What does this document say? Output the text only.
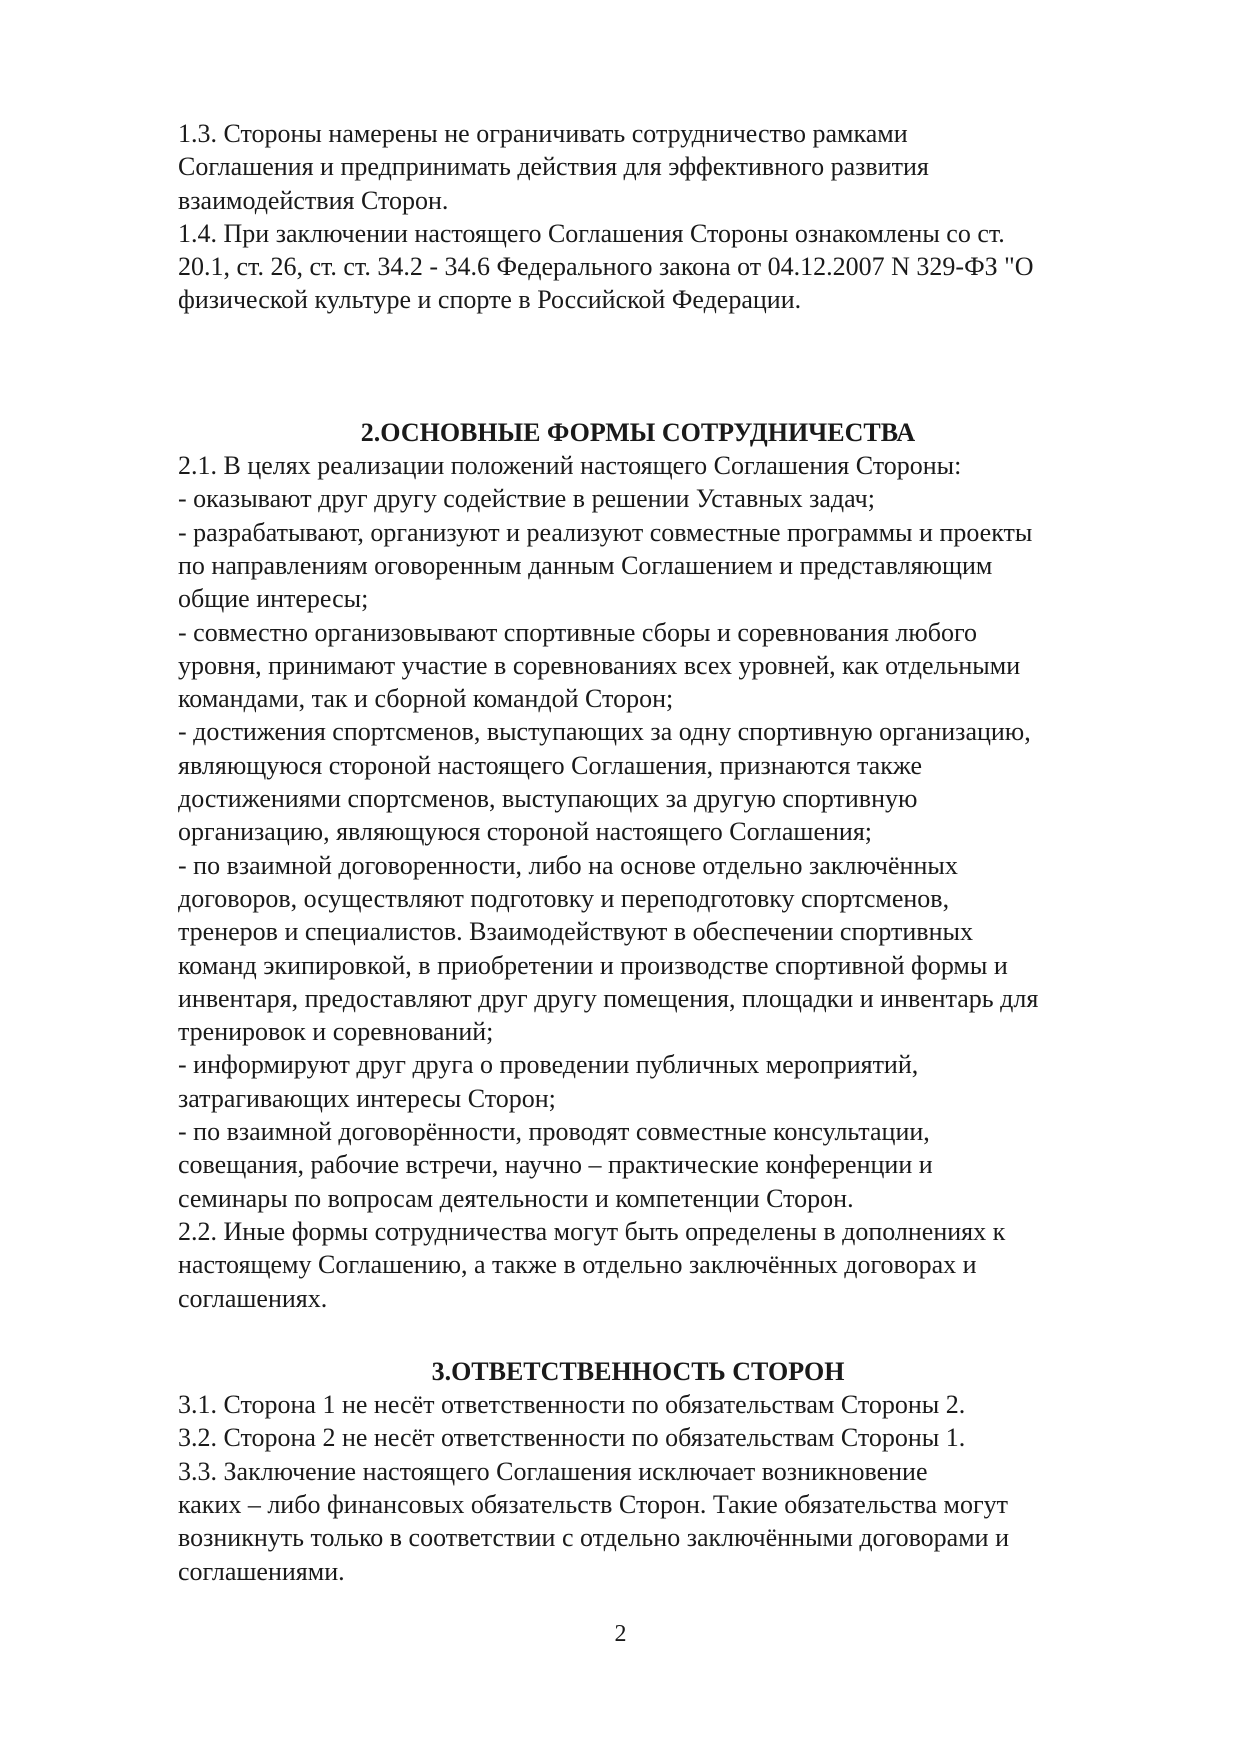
1.3. Стороны намерены не ограничивать сотрудничество рамками
Соглашения и предпринимать действия для эффективного развития
взаимодействия Сторон.
1.4. При заключении настоящего Соглашения Стороны ознакомлены со ст.
20.1, ст. 26, ст. ст. 34.2 - 34.6 Федерального закона от 04.12.2007 N 329-ФЗ "О
физической культуре и спорте в Российской Федерации.
2.ОСНОВНЫЕ ФОРМЫ СОТРУДНИЧЕСТВА
2.1. В целях реализации положений настоящего Соглашения Стороны:
- оказывают друг другу содействие в решении Уставных задач;
- разрабатывают, организуют и реализуют совместные программы и проекты
по направлениям оговоренным данным Соглашением и представляющим
общие интересы;
- совместно организовывают спортивные сборы и соревнования любого
уровня, принимают участие в соревнованиях всех уровней, как отдельными
командами, так и сборной командой Сторон;
- достижения спортсменов, выступающих за одну спортивную организацию,
являющуюся стороной настоящего Соглашения, признаются также
достижениями спортсменов, выступающих за другую спортивную
организацию, являющуюся стороной настоящего Соглашения;
- по взаимной договоренности, либо на основе отдельно заключённых
договоров, осуществляют подготовку и переподготовку спортсменов,
тренеров и специалистов. Взаимодействуют в обеспечении спортивных
команд экипировкой, в приобретении и производстве спортивной формы и
инвентаря, предоставляют друг другу помещения, площадки и инвентарь для
тренировок и соревнований;
- информируют друг друга о проведении публичных мероприятий,
затрагивающих интересы Сторон;
- по взаимной договорённости, проводят совместные консультации,
совещания, рабочие встречи, научно – практические конференции и
семинары по вопросам деятельности и компетенции Сторон.
2.2. Иные формы сотрудничества могут быть определены в дополнениях к
настоящему Соглашению, а также в отдельно заключённых договорах и
соглашениях.
3.ОТВЕТСТВЕННОСТЬ СТОРОН
3.1. Сторона 1 не несёт ответственности по обязательствам Стороны 2.
3.2. Сторона 2 не несёт ответственности по обязательствам Стороны 1.
3.3. Заключение настоящего Соглашения исключает возникновение
каких – либо финансовых обязательств Сторон. Такие обязательства могут
возникнуть только в соответствии с отдельно заключёнными договорами и
соглашениями.
2
